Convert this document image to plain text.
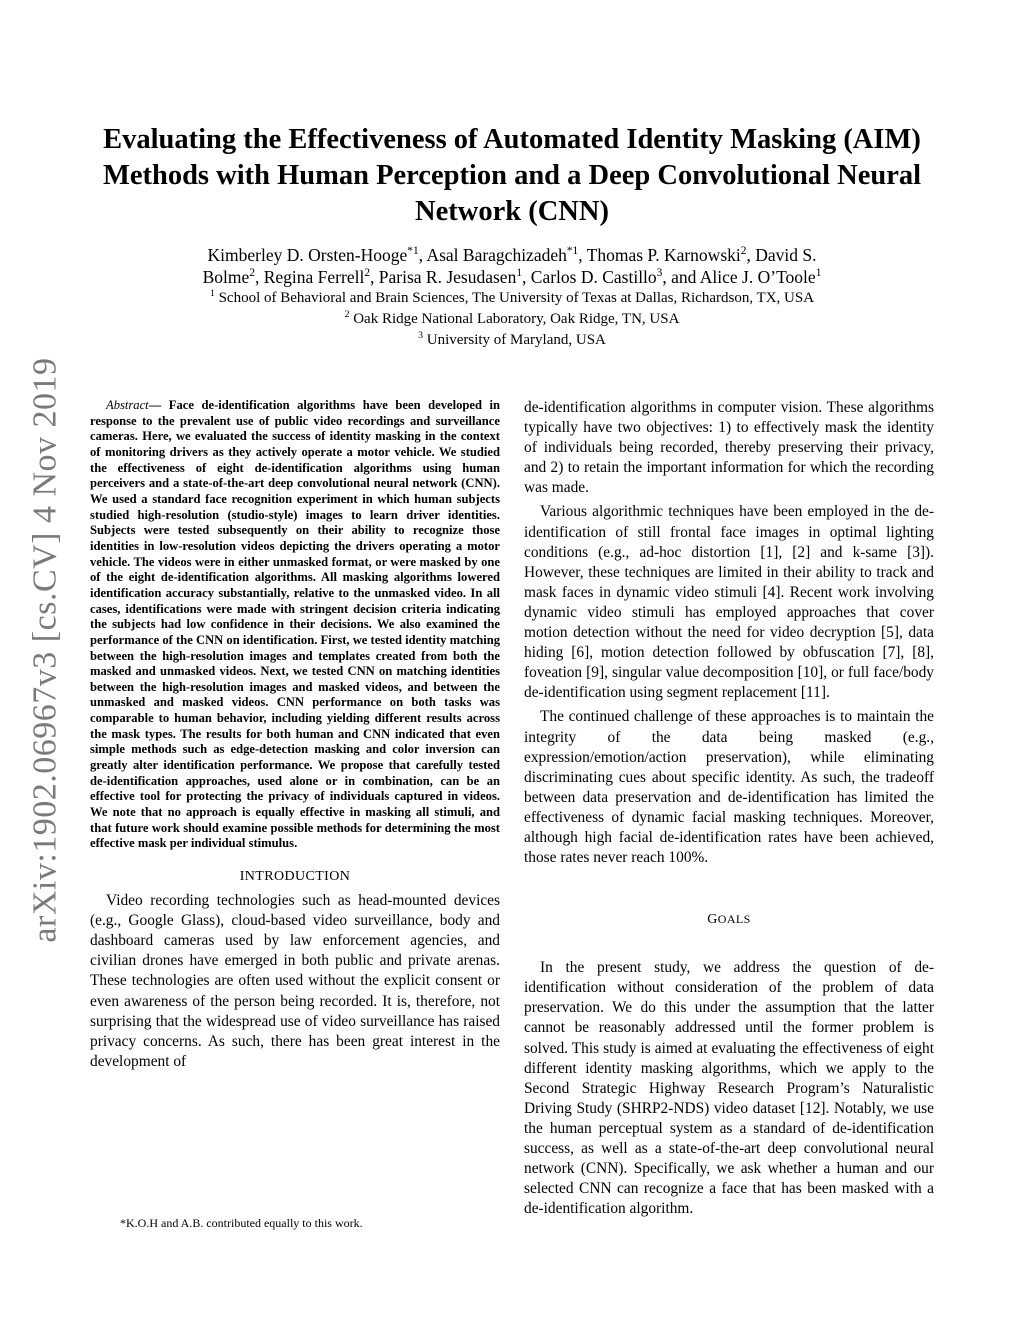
arXiv:1902.06967v3 [cs.CV] 4 Nov 2019
Evaluating the Effectiveness of Automated Identity Masking (AIM)
Methods with Human Perception and a Deep Convolutional Neural
Network (CNN)
Kimberley D. Orsten-Hooge$^{*1}$, Asal Baragchizadeh$^{*1}$, Thomas P. Karnowski$^2$, David S.
Bolme$^2$, Regina Ferrell$^2$, Parisa R. Jesudasen$^1$, Carlos D. Castillo$^3$, and Alice J. O’Toole$^1$
$^1$ School of Behavioral and Brain Sciences, The University of Texas at Dallas, Richardson, TX, USA
$^2$ Oak Ridge National Laboratory, Oak Ridge, TN, USA
$^3$ University of Maryland, USA

Abstract— Face de-identification algorithms have been developed in response to the prevalent use of public video recordings and surveillance cameras. Here, we evaluated the success of identity masking in the context of monitoring drivers as they actively operate a motor vehicle. We studied the effectiveness of eight de-identification algorithms using human perceivers and a state-of-the-art deep convolutional neural network (CNN). We used a standard face recognition experiment in which human subjects studied high-resolution (studio-style) images to learn driver identities. Subjects were tested subsequently on their ability to recognize those identities in low-resolution videos depicting the drivers operating a motor vehicle. The videos were in either unmasked format, or were masked by one of the eight de-identification algorithms. All masking algorithms lowered identification accuracy substantially, relative to the unmasked video. In all cases, identifications were made with stringent decision criteria indicating the subjects had low confidence in their decisions. We also examined the performance of the CNN on identification. First, we tested identity matching between the high-resolution images and templates created from both the masked and unmasked videos. Next, we tested CNN on matching identities between the high-resolution images and masked videos, and between the unmasked and masked videos. CNN performance on both tasks was comparable to human behavior, including yielding different results across the mask types. The results for both human and CNN indicated that even simple methods such as edge-detection masking and color inversion can greatly alter identification performance. We propose that carefully tested de-identification approaches, used alone or in combination, can be an effective tool for protecting the privacy of individuals captured in videos. We note that no approach is equally effective in masking all stimuli, and that future work should examine possible methods for determining the most effective mask per individual stimulus.

INTRODUCTION

Video recording technologies such as head-mounted devices (e.g., Google Glass), cloud-based video surveillance, body and dashboard cameras used by law enforcement agencies, and civilian drones have emerged in both public and private arenas. These technologies are often used without the explicit consent or even awareness of the person being recorded. It is, therefore, not surprising that the widespread use of video surveillance has raised privacy concerns. As such, there has been great interest in the development of

de-identification algorithms in computer vision. These algorithms typically have two objectives: 1) to effectively mask the identity of individuals being recorded, thereby preserving their privacy, and 2) to retain the important information for which the recording was made.

Various algorithmic techniques have been employed in the de-identification of still frontal face images in optimal lighting conditions (e.g., ad-hoc distortion [1], [2] and k-same [3]). However, these techniques are limited in their ability to track and mask faces in dynamic video stimuli [4]. Recent work involving dynamic video stimuli has employed approaches that cover motion detection without the need for video decryption [5], data hiding [6], motion detection followed by obfuscation [7], [8], foveation [9], singular value decomposition [10], or full face/body de-identification using segment replacement [11].

The continued challenge of these approaches is to maintain the integrity of the data being masked (e.g., expression/emotion/action preservation), while eliminating discriminating cues about specific identity. As such, the tradeoff between data preservation and de-identification has limited the effectiveness of dynamic facial masking techniques. Moreover, although high facial de-identification rates have been achieved, those rates never reach 100%.

GOALS

In the present study, we address the question of de-identification without consideration of the problem of data preservation. We do this under the assumption that the latter cannot be reasonably addressed until the former problem is solved. This study is aimed at evaluating the effectiveness of eight different identity masking algorithms, which we apply to the Second Strategic Highway Research Program’s Naturalistic Driving Study (SHRP2-NDS) video dataset [12]. Notably, we use the human perceptual system as a standard of de-identification success, as well as a state-of-the-art deep convolutional neural network (CNN). Specifically, we ask whether a human and our selected CNN can recognize a face that has been masked with a de-identification algorithm.

*K.O.H and A.B. contributed equally to this work.
